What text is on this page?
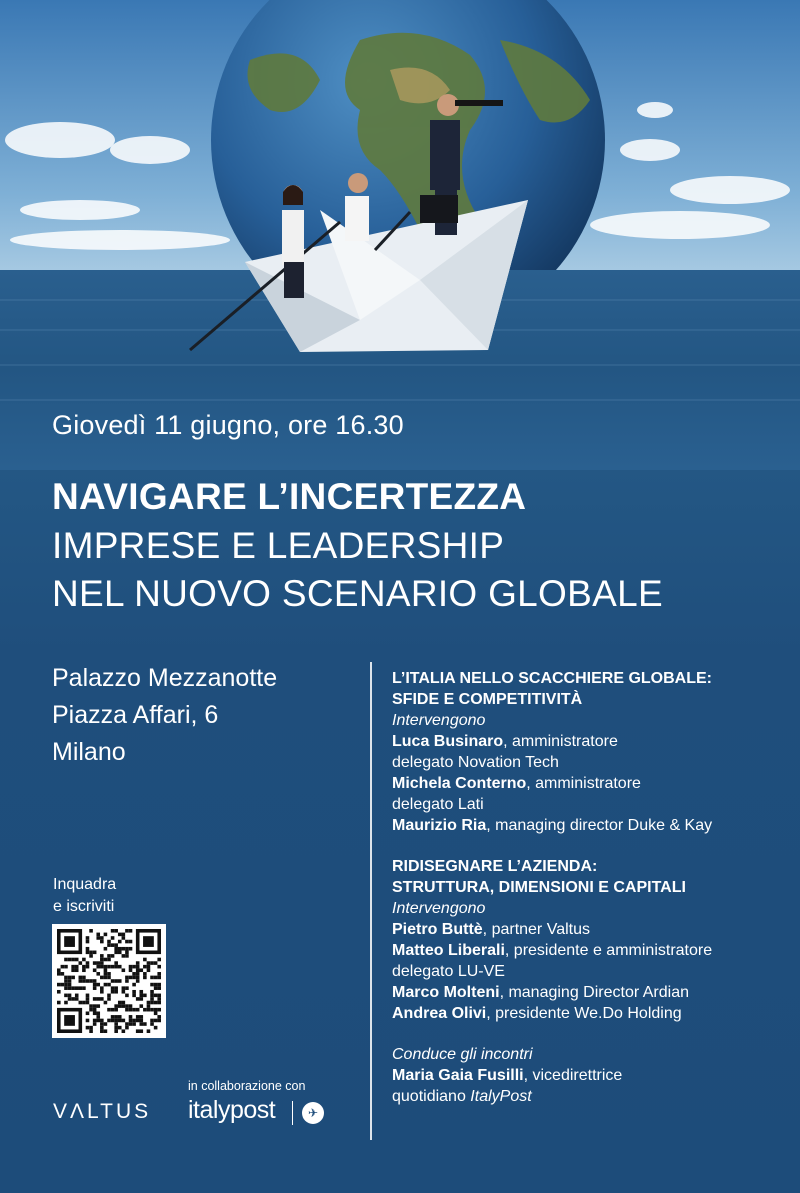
Giovedì 11 giugno, ore 16.30
NAVIGARE L’INCERTEZZA
IMPRESE E LEADERSHIP
NEL NUOVO SCENARIO GLOBALE
Palazzo Mezzanotte
Piazza Affari, 6
Milano
L’ITALIA NELLO SCACCHIERE GLOBALE:
SFIDE E COMPETITIVITÀ
Intervengono
Luca Businaro, amministratore
delegato Novation Tech
Michela Conterno, amministratore
delegato Lati
Maurizio Ria, managing director Duke & Kay
RIDISEGNARE L’AZIENDA:
STRUTTURA, DIMENSIONI E CAPITALI
Intervengono
Pietro Buttè, partner Valtus
Matteo Liberali, presidente e amministratore
delegato LU-VE
Marco Molteni, managing Director Ardian
Andrea Olivi, presidente We.Do Holding
Conduce gli incontri
Maria Gaia Fusilli, vicedirettrice
quotidiano ItalyPost
Inquadra
e iscriviti
in collaborazione con
VΛLTUS italypost	✈
